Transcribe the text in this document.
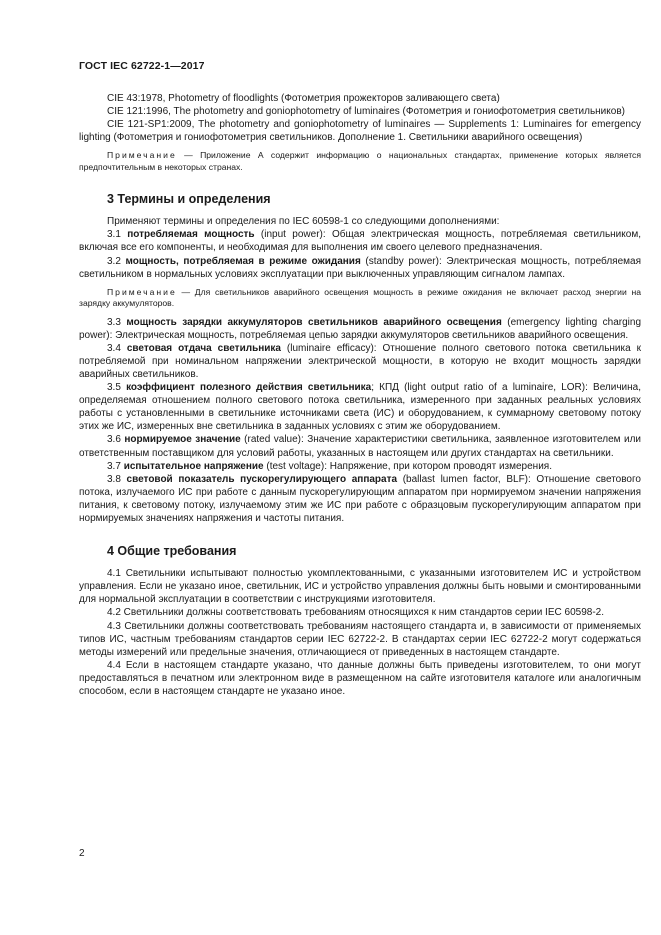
ГОСТ IEC 62722-1—2017

CIE 43:1978, Photometry of floodlights (Фотометрия прожекторов заливающего света)

CIE 121:1996, The photometry and goniophotometry of luminaires (Фотометрия и гониофотометрия светильников)

CIE 121-SP1:2009, The photometry and goniophotometry of luminaires — Supplements 1: Luminaires for emergency lighting (Фотометрия и гониофотометрия светильников. Дополнение 1. Светильники аварийного освещения)

Примечание — Приложение А содержит информацию о национальных стандартах, применение которых является предпочтительным в некоторых странах.

3 Термины и определения

Применяют термины и определения по IEC 60598-1 со следующими дополнениями:

3.1 потребляемая мощность (input power): Общая электрическая мощность, потребляемая светильником, включая все его компоненты, и необходимая для выполнения им своего целевого предназначения.

3.2 мощность, потребляемая в режиме ожидания (standby power): Электрическая мощность, потребляемая светильником в нормальных условиях эксплуатации при выключенных управляющим сигналом лампах.

Примечание — Для светильников аварийного освещения мощность в режиме ожидания не включает расход энергии на зарядку аккумуляторов.

3.3 мощность зарядки аккумуляторов светильников аварийного освещения (emergency lighting charging power): Электрическая мощность, потребляемая цепью зарядки аккумуляторов светильников аварийного освещения.

3.4 световая отдача светильника (luminaire efficacy): Отношение полного светового потока светильника к потребляемой при номинальном напряжении электрической мощности, в которую не входит мощность зарядки аварийных светильников.

3.5 коэффициент полезного действия светильника; КПД (light output ratio of a luminaire, LOR): Величина, определяемая отношением полного светового потока светильника, измеренного при заданных реальных условиях работы с установленными в светильнике источниками света (ИС) и оборудованием, к суммарному световому потоку этих же ИС, измеренных вне светильника в заданных условиях с этим же оборудованием.

3.6 нормируемое значение (rated value): Значение характеристики светильника, заявленное изготовителем или ответственным поставщиком для условий работы, указанных в настоящем или других стандартах на светильники.

3.7 испытательное напряжение (test voltage): Напряжение, при котором проводят измерения.

3.8 световой показатель пускорегулирующего аппарата (ballast lumen factor, BLF): Отношение светового потока, излучаемого ИС при работе с данным пускорегулирующим аппаратом при нормируемом значении напряжения питания, к световому потоку, излучаемому этим же ИС при работе с образцовым пускорегулирующим аппаратом при нормируемых значениях напряжения и частоты питания.

4 Общие требования

4.1 Светильники испытывают полностью укомплектованными, с указанными изготовителем ИС и устройством управления. Если не указано иное, светильник, ИС и устройство управления должны быть новыми и смонтированными для нормальной эксплуатации в соответствии с инструкциями изготовителя.

4.2 Светильники должны соответствовать требованиям относящихся к ним стандартов серии IEC 60598-2.

4.3 Светильники должны соответствовать требованиям настоящего стандарта и, в зависимости от применяемых типов ИС, частным требованиям стандартов серии IEC 62722-2. В стандартах серии IEC 62722-2 могут содержаться методы измерений или предельные значения, отличающиеся от приведенных в настоящем стандарте.

4.4 Если в настоящем стандарте указано, что данные должны быть приведены изготовителем, то они могут предоставляться в печатном или электронном виде в размещенном на сайте изготовителя каталоге или аналогичным способом, если в настоящем стандарте не указано иное.

2
